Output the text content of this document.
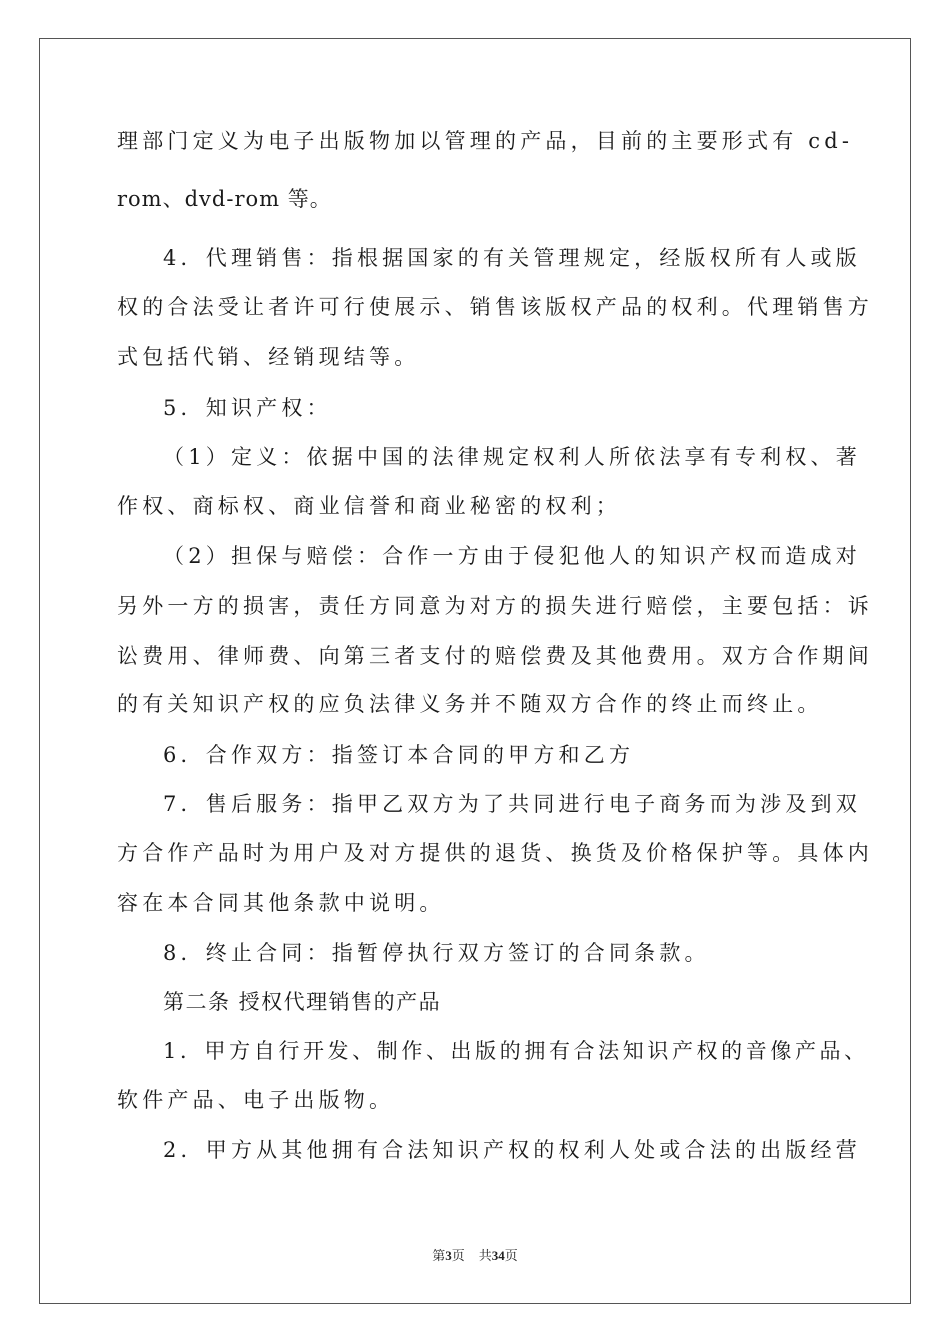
理部门定义为电子出版物加以管理的产品，目前的主要形式有 cd-
rom、dvd-rom 等。
4．代理销售：指根据国家的有关管理规定，经版权所有人或版
权的合法受让者许可行使展示、销售该版权产品的权利。代理销售方
式包括代销、经销现结等。
5．知识产权：
（1）定义：依据中国的法律规定权利人所依法享有专利权、著
作权、商标权、商业信誉和商业秘密的权利；
（2）担保与赔偿：合作一方由于侵犯他人的知识产权而造成对
另外一方的损害，责任方同意为对方的损失进行赔偿，主要包括：诉
讼费用、律师费、向第三者支付的赔偿费及其他费用。双方合作期间
的有关知识产权的应负法律义务并不随双方合作的终止而终止。
6．合作双方：指签订本合同的甲方和乙方
7．售后服务：指甲乙双方为了共同进行电子商务而为涉及到双
方合作产品时为用户及对方提供的退货、换货及价格保护等。具体内
容在本合同其他条款中说明。
8．终止合同：指暂停执行双方签订的合同条款。
第二条 授权代理销售的产品
1．甲方自行开发、制作、出版的拥有合法知识产权的音像产品、
软件产品、电子出版物。
2．甲方从其他拥有合法知识产权的权利人处或合法的出版经营
第3页 共34页
